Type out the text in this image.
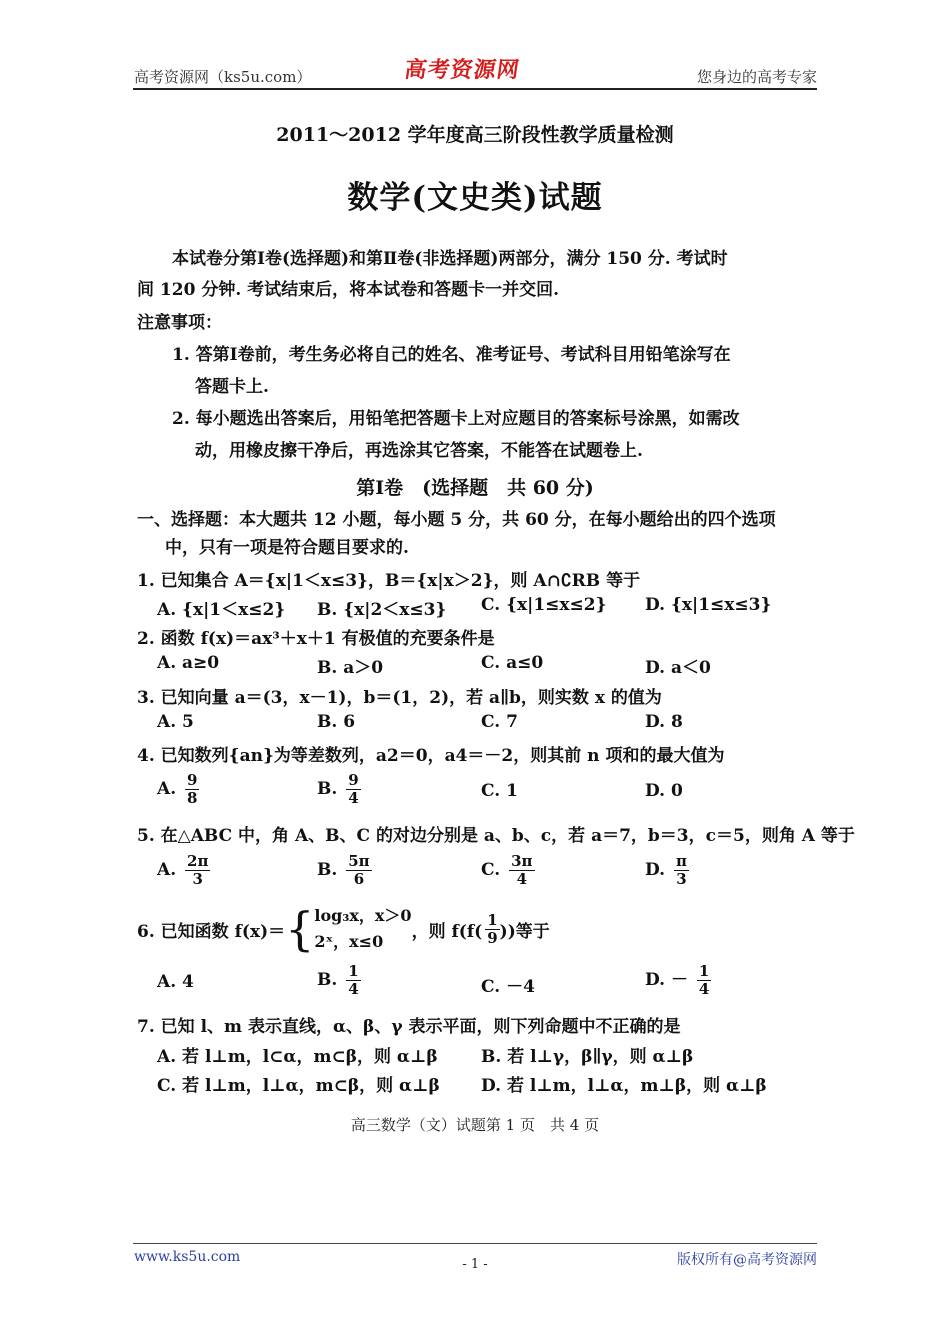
高考资源网（ks5u.com）	高考资源网	您身边的高考专家
2011～2012 学年度高三阶段性教学质量检测
数学(文史类)试题
本试卷分第Ⅰ卷(选择题)和第Ⅱ卷(非选择题)两部分，满分 150 分. 考试时
间 120 分钟. 考试结束后，将本试卷和答题卡一并交回.
注意事项：
1. 答第Ⅰ卷前，考生务必将自己的姓名、准考证号、考试科目用铅笔涂写在
答题卡上.
2. 每小题选出答案后，用铅笔把答题卡上对应题目的答案标号涂黑，如需改
动，用橡皮擦干净后，再选涂其它答案，不能答在试题卷上.
第Ⅰ卷　(选择题　共 60 分)
一、选择题：本大题共 12 小题，每小题 5 分，共 60 分，在每小题给出的四个选项
中，只有一项是符合题目要求的.
1. 已知集合 A＝{x|1＜x≤3}，B＝{x|x＞2}，则 A∩∁RB 等于
A. {x|1＜x≤2} B. {x|2＜x≤3} C. {x|1≤x≤2} D. {x|1≤x≤3}
2. 函数 f(x)＝ax³＋x＋1 有极值的充要条件是
A. a≥0	B. a＞0	C. a≤0	D. a＜0
3. 已知向量 a＝(3，x－1)，b＝(1，2)，若 a∥b，则实数 x 的值为
A. 5	B. 6	C. 7	D. 8
4. 已知数列{an}为等差数列，a2＝0，a4＝－2，则其前 n 项和的最大值为
A. $\frac{9}{8}$	B. $\frac{9}{4}$	C. 1	D. 0
5. 在△ABC 中，角 A、B、C 的对边分别是 a、b、c，若 a＝7，b＝3，c＝5，则角 A 等于
A. $\frac{2\pi}{3}$	B. $\frac{5\pi}{6}$	C. $\frac{3\pi}{4}$	D. $\frac{\pi}{3}$
6. 已知函数 f(x)＝ { log₃x，x＞0
2ˣ，x≤0	，则 $f(f( \frac{1}{9}$ ))等于
A. 4	B. $\frac{1}{4}$	C. －4	D. － $\frac{1}{4}$
7. 已知 l、m 表示直线，α、β、γ 表示平面，则下列命题中不正确的是
A. 若 l⊥m，l⊂α，m⊂β，则 α⊥β	B. 若 l⊥γ，β∥γ，则 α⊥β
C. 若 l⊥m，l⊥α，m⊂β，则 α⊥β D. 若 l⊥m，l⊥α，m⊥β，则 α⊥β
高三数学（文）试题第 1 页　共 4 页
www.ks5u.com	- 1 -	版权所有@高考资源网
